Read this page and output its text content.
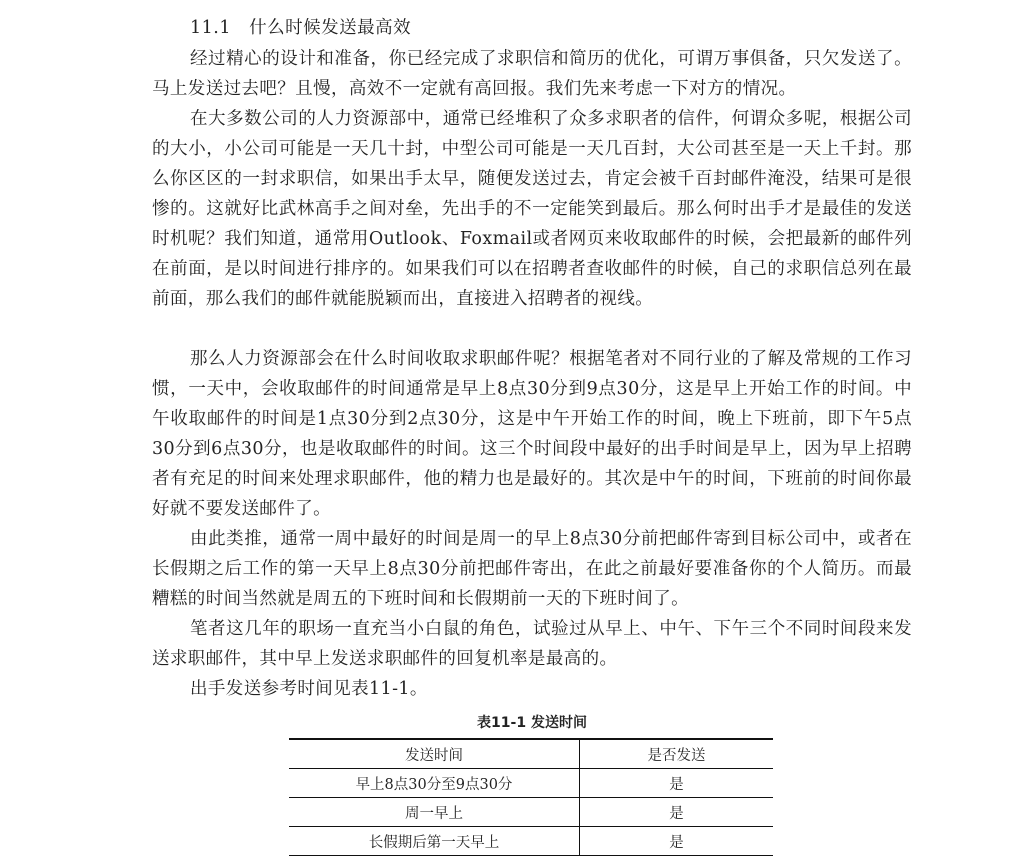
11.1 什么时候发送最高效

经过精心的设计和准备，你已经完成了求职信和简历的优化，可谓万事俱备，只欠发送了。马上发送过去吧？且慢，高效不一定就有高回报。我们先来考虑一下对方的情况。

在大多数公司的人力资源部中，通常已经堆积了众多求职者的信件，何谓众多呢，根据公司的大小，小公司可能是一天几十封，中型公司可能是一天几百封，大公司甚至是一天上千封。那么你区区的一封求职信，如果出手太早，随便发送过去，肯定会被千百封邮件淹没，结果可是很惨的。这就好比武林高手之间对垒，先出手的不一定能笑到最后。那么何时出手才是最佳的发送时机呢？我们知道，通常用Outlook、Foxmail或者网页来收取邮件的时候，会把最新的邮件列在前面，是以时间进行排序的。如果我们可以在招聘者查收邮件的时候，自己的求职信总列在最前面，那么我们的邮件就能脱颖而出，直接进入招聘者的视线。

那么人力资源部会在什么时间收取求职邮件呢？根据笔者对不同行业的了解及常规的工作习惯，一天中，会收取邮件的时间通常是早上8点30分到9点30分，这是早上开始工作的时间。中午收取邮件的时间是1点30分到2点30分，这是中午开始工作的时间，晚上下班前，即下午5点30分到6点30分，也是收取邮件的时间。这三个时间段中最好的出手时间是早上，因为早上招聘者有充足的时间来处理求职邮件，他的精力也是最好的。其次是中午的时间，下班前的时间你最好就不要发送邮件了。

由此类推，通常一周中最好的时间是周一的早上8点30分前把邮件寄到目标公司中，或者在长假期之后工作的第一天早上8点30分前把邮件寄出，在此之前最好要准备你的个人简历。而最糟糕的时间当然就是周五的下班时间和长假期前一天的下班时间了。

笔者这几年的职场一直充当小白鼠的角色，试验过从早上、中午、下午三个不同时间段来发送求职邮件，其中早上发送求职邮件的回复机率是最高的。

出手发送参考时间见表11-1。

表11-1 发送时间
发送时间	是否发送
早上8点30分至9点30分	是
周一早上	是
长假期后第一天早上	是
